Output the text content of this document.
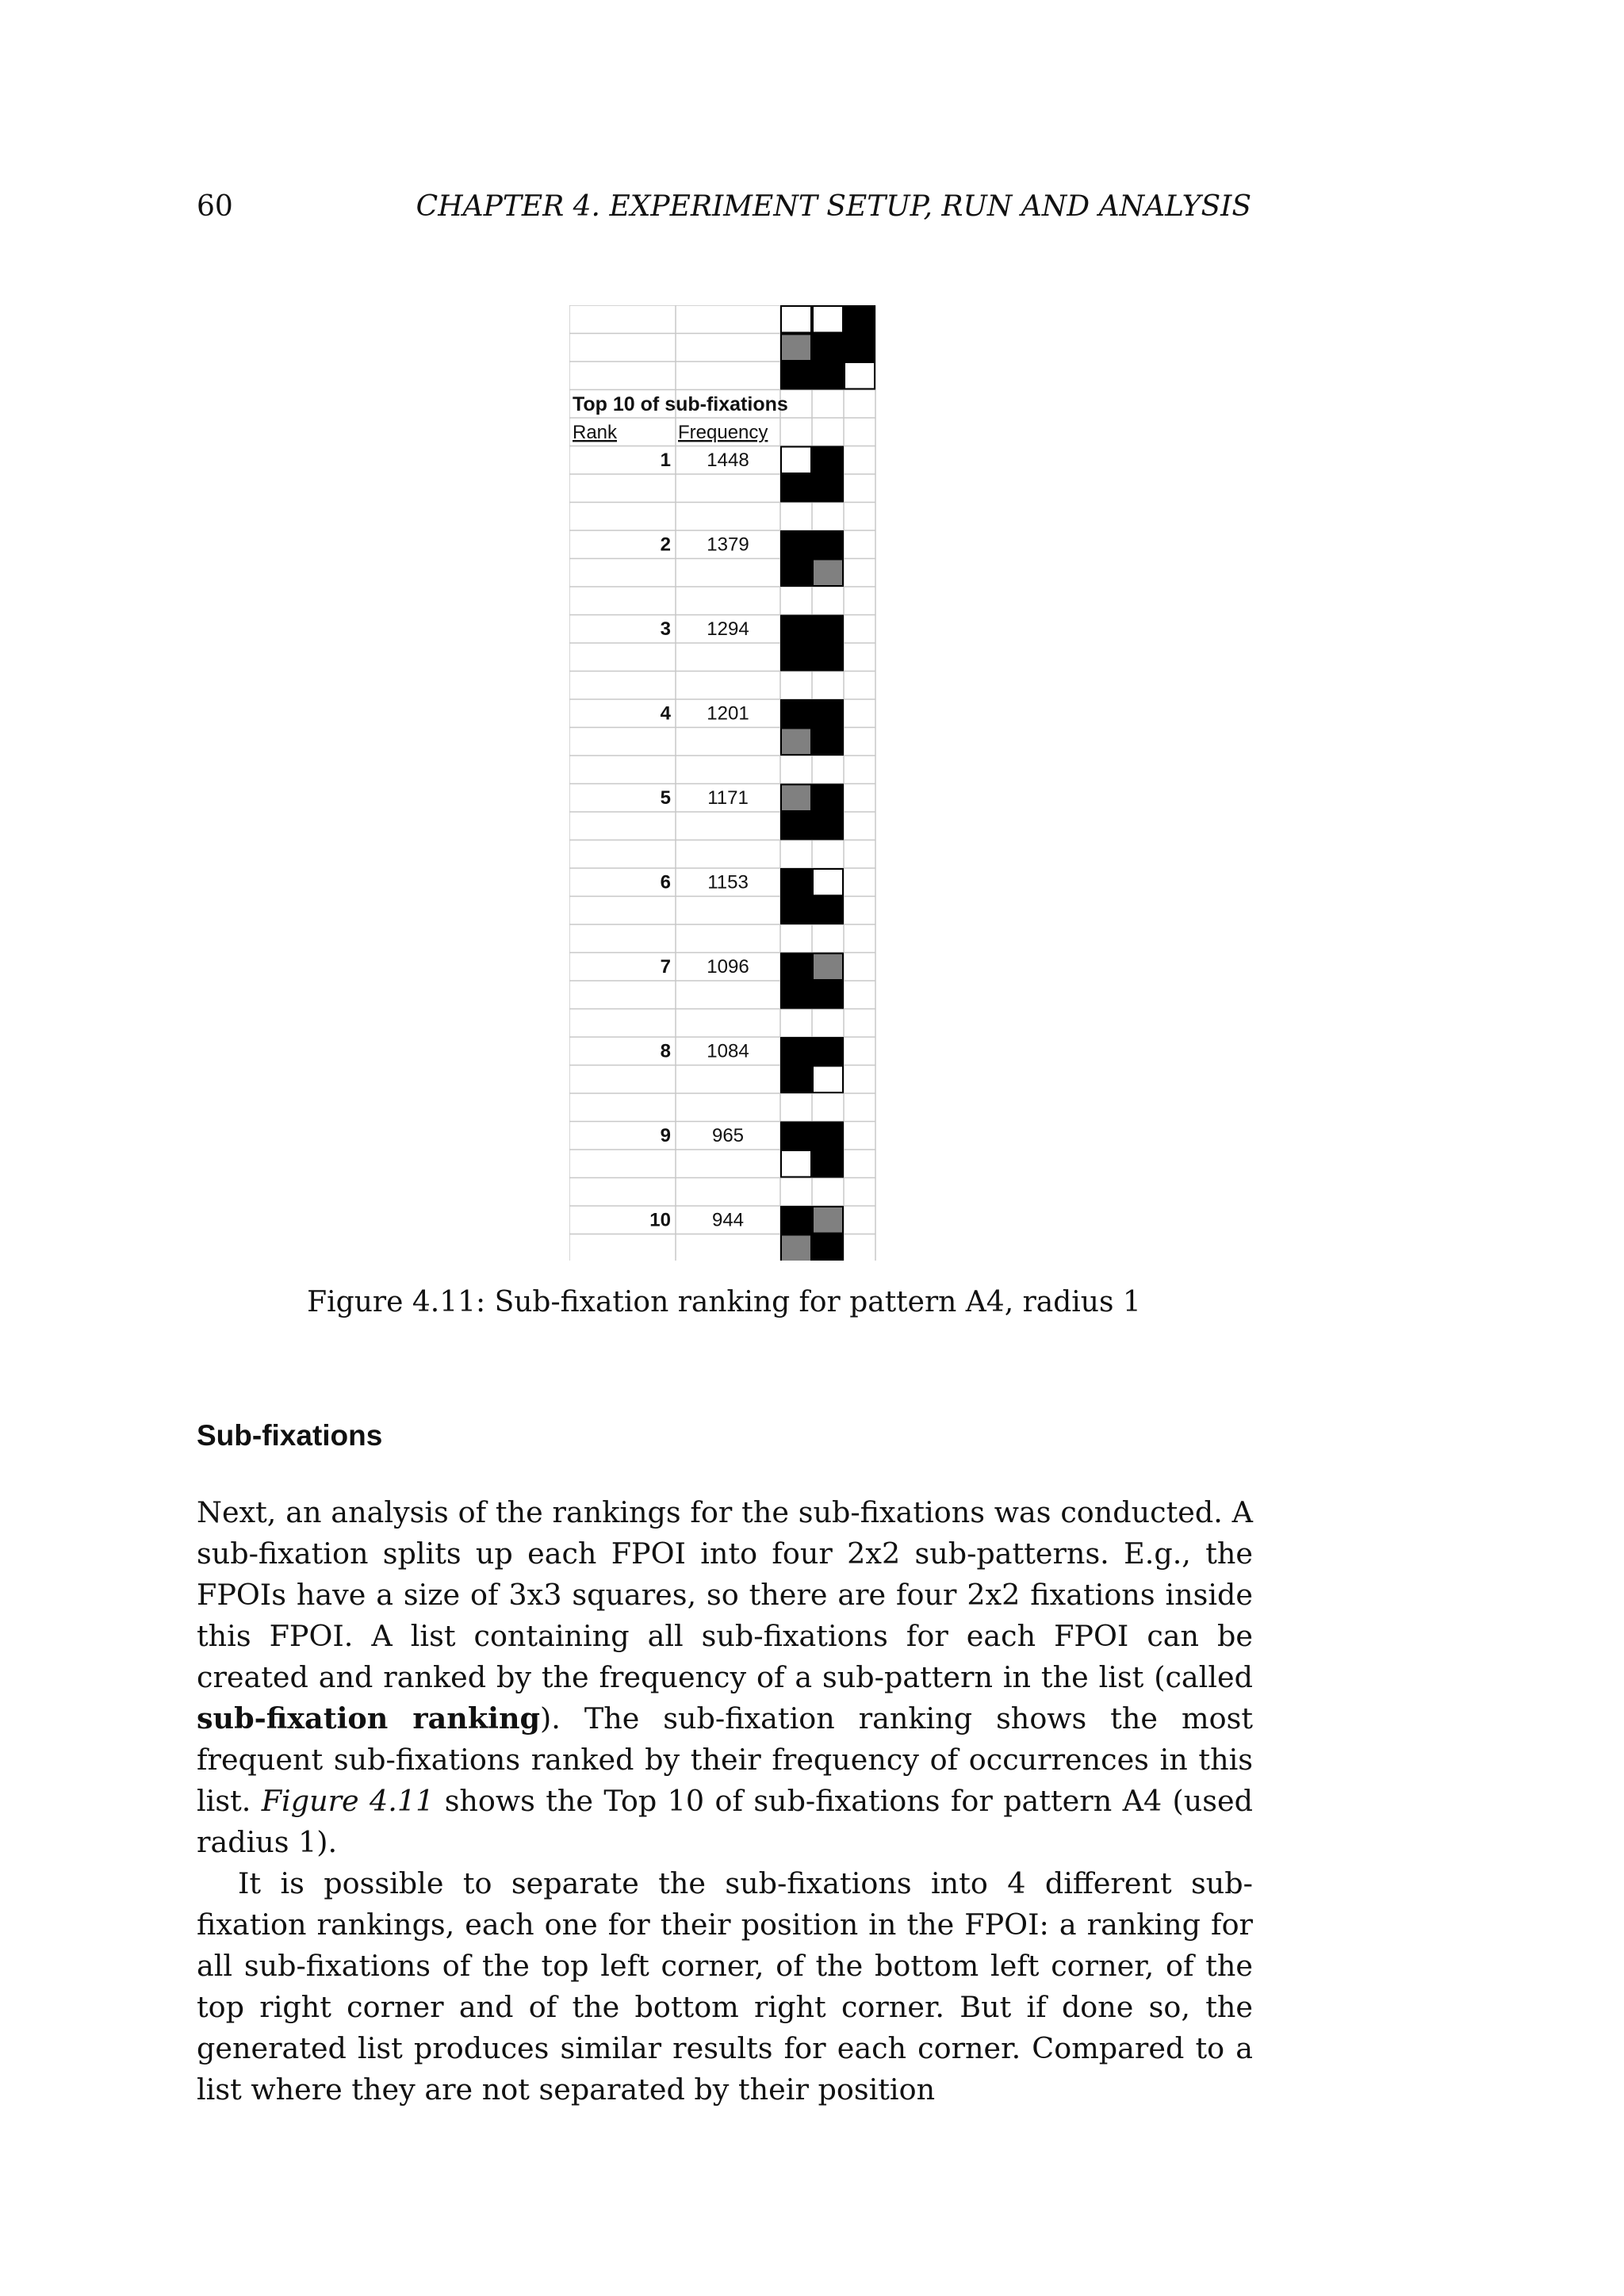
60	CHAPTER 4. EXPERIMENT SETUP, RUN AND ANALYSIS
Top 10 of sub-fixations
Rank	Frequency
1 1448
2 1379
3 1294
4 1201
5 1171
6 1153
7 1096
8 1084
9 965
10 944
Figure 4.11: Sub-fixation ranking for pattern A4, radius 1
Sub-fixations

Next, an analysis of the rankings for the sub-fixations was conducted. A sub-fixation splits up each FPOI into four 2x2 sub-patterns. E.g., the FPOIs have a size of 3x3 squares, so there are four 2x2 fixations inside this FPOI. A list containing all sub-fixations for each FPOI can be created and ranked by the frequency of a sub-pattern in the list (called sub-fixation ranking). The sub-fixation ranking shows the most frequent sub-fixations ranked by their frequency of occurrences in this list. Figure 4.11 shows the Top 10 of sub-fixations for pattern A4 (used radius 1).

It is possible to separate the sub-fixations into 4 different sub-fixation rankings, each one for their position in the FPOI: a ranking for all sub-fixations of the top left corner, of the bottom left corner, of the top right corner and of the bottom right corner. But if done so, the generated list produces similar results for each corner. Compared to a list where they are not separated by their position
